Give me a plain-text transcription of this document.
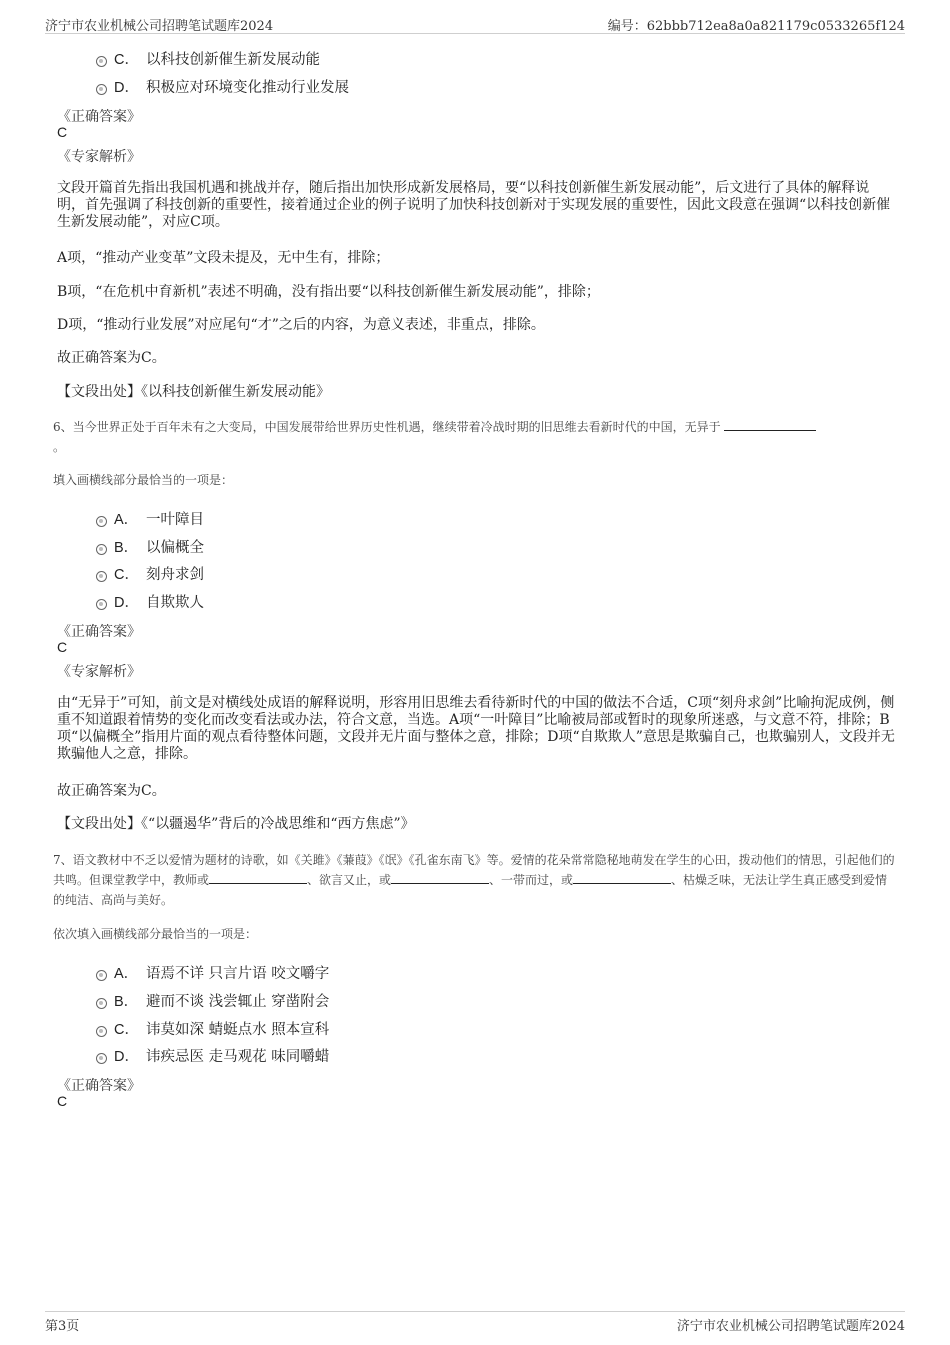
济宁市农业机械公司招聘笔试题库2024	编号：62bbb712ea8a0a821179c0533265f124
C． 以科技创新催生新发展动能
D． 积极应对环境变化推动行业发展
《正确答案》
C
《专家解析》
文段开篇首先指出我国机遇和挑战并存，随后指出加快形成新发展格局，要“以科技创新催生新发展动能”，后文进行了具体的解释说明，首先强调了科技创新的重要性，接着通过企业的例子说明了加快科技创新对于实现发展的重要性，因此文段意在强调“以科技创新催生新发展动能”，对应C项。
A项，“推动产业变革”文段未提及，无中生有，排除；
B项，“在危机中育新机”表述不明确，没有指出要“以科技创新催生新发展动能”，排除；
D项，“推动行业发展”对应尾句“才”之后的内容，为意义表述，非重点，排除。
故正确答案为C。
【文段出处】《以科技创新催生新发展动能》
6、当今世界正处于百年未有之大变局，中国发展带给世界历史性机遇，继续带着冷战时期的旧思维去看新时代的中国，无异于
。
填入画横线部分最恰当的一项是：
A． 一叶障目
B． 以偏概全
C． 刻舟求剑
D． 自欺欺人
《正确答案》
C
《专家解析》
由“无异于”可知，前文是对横线处成语的解释说明，形容用旧思维去看待新时代的中国的做法不合适，C项“刻舟求剑”比喻拘泥成例，侧重不知道跟着情势的变化而改变看法或办法，符合文意，当选。A项“一叶障目”比喻被局部或暂时的现象所迷惑，与文意不符，排除；B项“以偏概全”指用片面的观点看待整体问题，文段并无片面与整体之意，排除；D项“自欺欺人”意思是欺骗自己，也欺骗别人，文段并无欺骗他人之意，排除。
故正确答案为C。
【文段出处】《“以疆遏华”背后的冷战思维和“西方焦虑”》
7、语文教材中不乏以爱情为题材的诗歌，如《关雎》《蒹葭》《氓》《孔雀东南飞》等。爱情的花朵常常隐秘地萌发在学生的心田，拨动他们的情思，引起他们的共鸣。但课堂教学中，教师或	、欲言又止，或	、一带而过，或	、枯燥乏味，无法让学生真正感受到爱情的纯洁、高尚与美好。
依次填入画横线部分最恰当的一项是：
A． 语焉不详 只言片语 咬文嚼字
B． 避而不谈 浅尝辄止 穿凿附会
C． 讳莫如深 蜻蜓点水 照本宣科
D． 讳疾忌医 走马观花 味同嚼蜡
《正确答案》
C
第3页	济宁市农业机械公司招聘笔试题库2024
